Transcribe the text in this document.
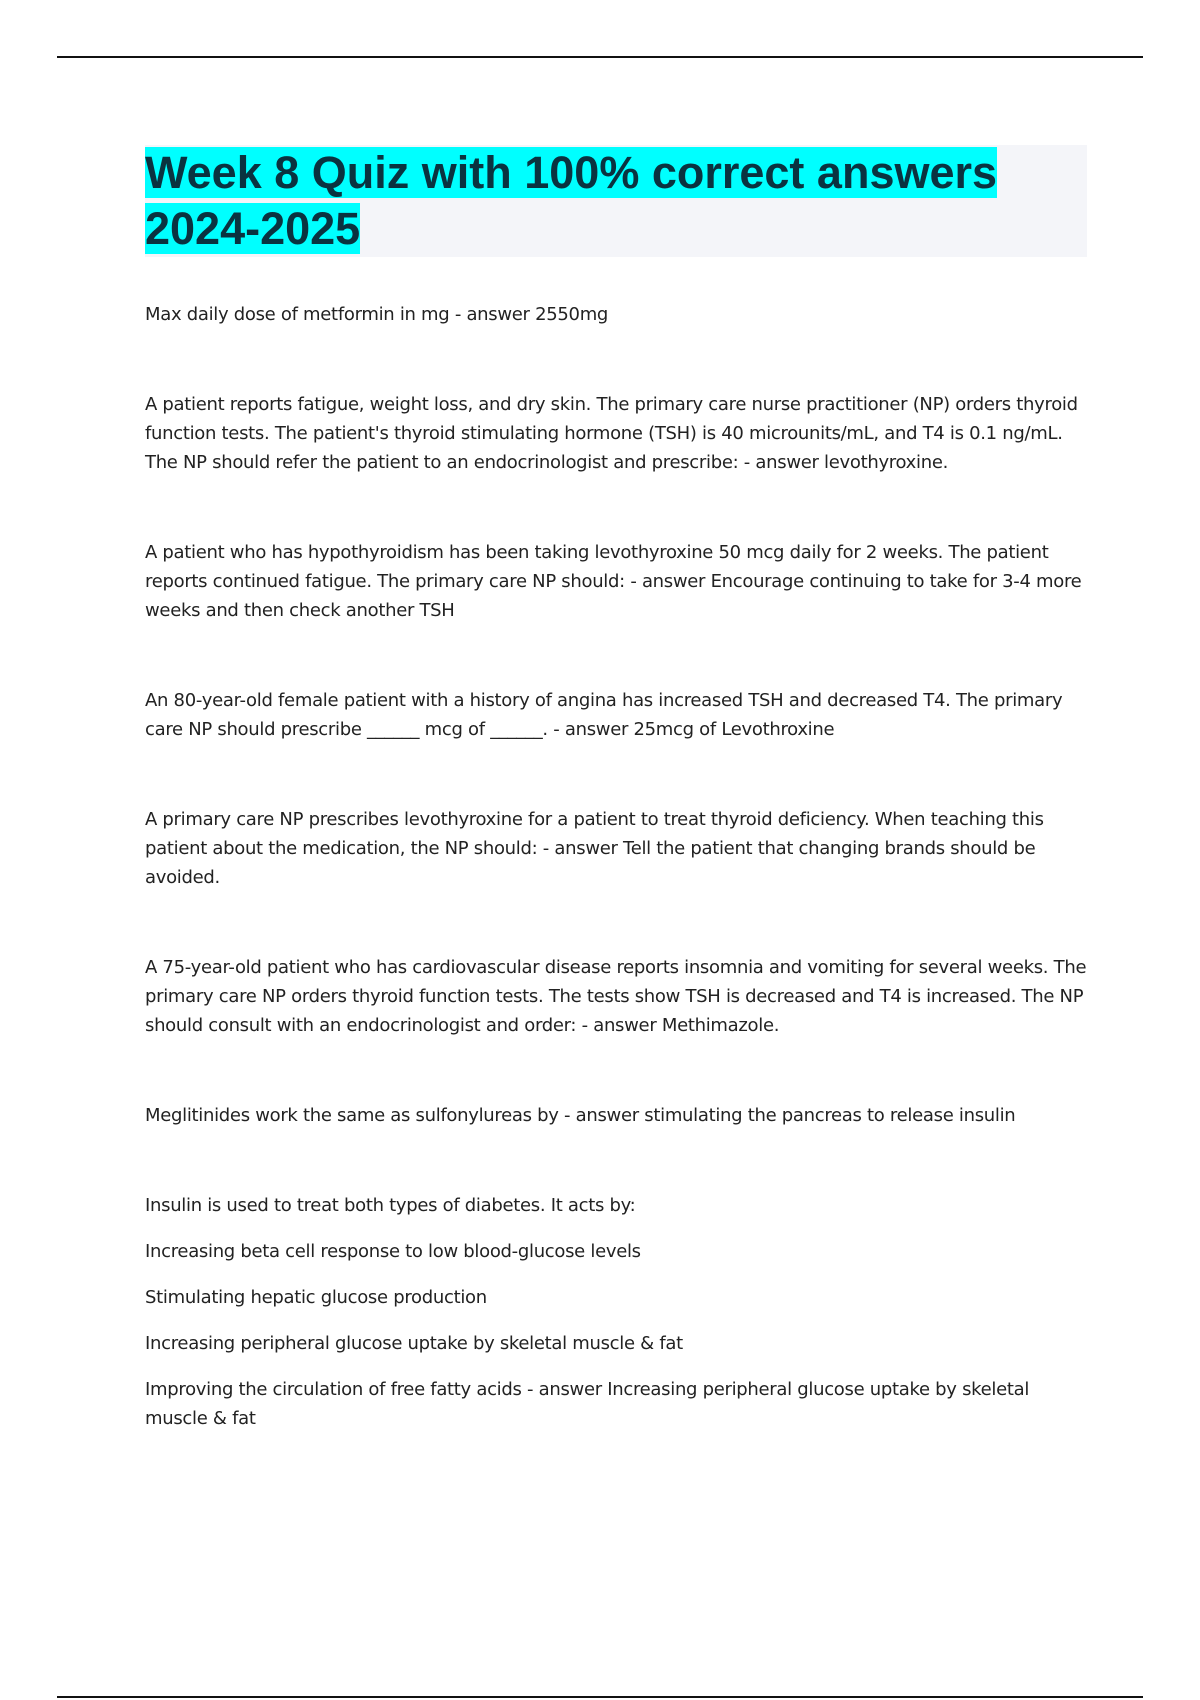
Week 8 Quiz with 100% correct answers 2024-2025

Max daily dose of metformin in mg - answer 2550mg

A patient reports fatigue, weight loss, and dry skin. The primary care nurse practitioner (NP) orders thyroid function tests. The patient's thyroid stimulating hormone (TSH) is 40 microunits/mL, and T4 is 0.1 ng/mL. The NP should refer the patient to an endocrinologist and prescribe: - answer levothyroxine.

A patient who has hypothyroidism has been taking levothyroxine 50 mcg daily for 2 weeks. The patient reports continued fatigue. The primary care NP should: - answer Encourage continuing to take for 3-4 more weeks and then check another TSH

An 80-year-old female patient with a history of angina has increased TSH and decreased T4. The primary care NP should prescribe ______ mcg of ______. - answer 25mcg of Levothroxine

A primary care NP prescribes levothyroxine for a patient to treat thyroid deficiency. When teaching this patient about the medication, the NP should: - answer Tell the patient that changing brands should be avoided.

A 75-year-old patient who has cardiovascular disease reports insomnia and vomiting for several weeks. The primary care NP orders thyroid function tests. The tests show TSH is decreased and T4 is increased. The NP should consult with an endocrinologist and order: - answer Methimazole.

Meglitinides work the same as sulfonylureas by - answer stimulating the pancreas to release insulin

Insulin is used to treat both types of diabetes. It acts by:

Increasing beta cell response to low blood-glucose levels

Stimulating hepatic glucose production

Increasing peripheral glucose uptake by skeletal muscle & fat

Improving the circulation of free fatty acids - answer Increasing peripheral glucose uptake by skeletal muscle & fat
